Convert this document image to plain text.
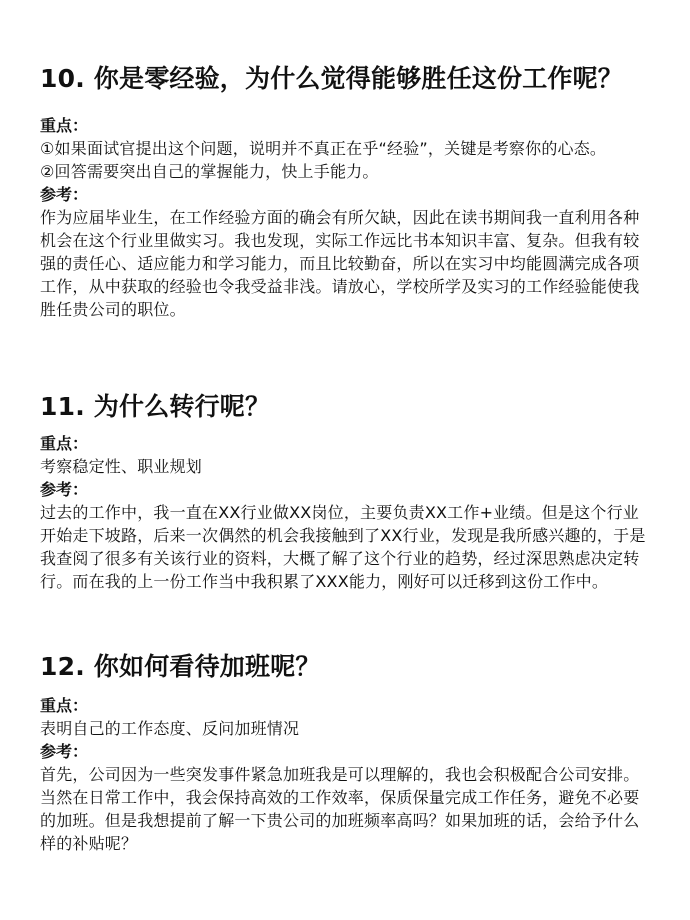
10. 你是零经验，为什么觉得能够胜任这份工作呢？

重点：

①如果面试官提出这个问题，说明并不真正在乎“经验”，关键是考察你的心态。

②回答需要突出自己的掌握能力，快上手能力。

参考：

作为应届毕业生，在工作经验方面的确会有所欠缺，因此在读书期间我一直利用各种机会在这个行业里做实习。我也发现，实际工作远比书本知识丰富、复杂。但我有较强的责任心、适应能力和学习能力，而且比较勤奋，所以在实习中均能圆满完成各项工作，从中获取的经验也令我受益非浅。请放心，学校所学及实习的工作经验能使我胜任贵公司的职位。

11. 为什么转行呢？

重点：

考察稳定性、职业规划

参考：

过去的工作中，我一直在XX行业做XX岗位，主要负责XX工作+业绩。但是这个行业开始走下坡路，后来一次偶然的机会我接触到了XX行业，发现是我所感兴趣的，于是我查阅了很多有关该行业的资料，大概了解了这个行业的趋势，经过深思熟虑决定转行。而在我的上一份工作当中我积累了XXX能力，刚好可以迁移到这份工作中。

12. 你如何看待加班呢？

重点：

表明自己的工作态度、反问加班情况

参考：

首先，公司因为一些突发事件紧急加班我是可以理解的，我也会积极配合公司安排。当然在日常工作中，我会保持高效的工作效率，保质保量完成工作任务，避免不必要的加班。但是我想提前了解一下贵公司的加班频率高吗？如果加班的话，会给予什么样的补贴呢？
